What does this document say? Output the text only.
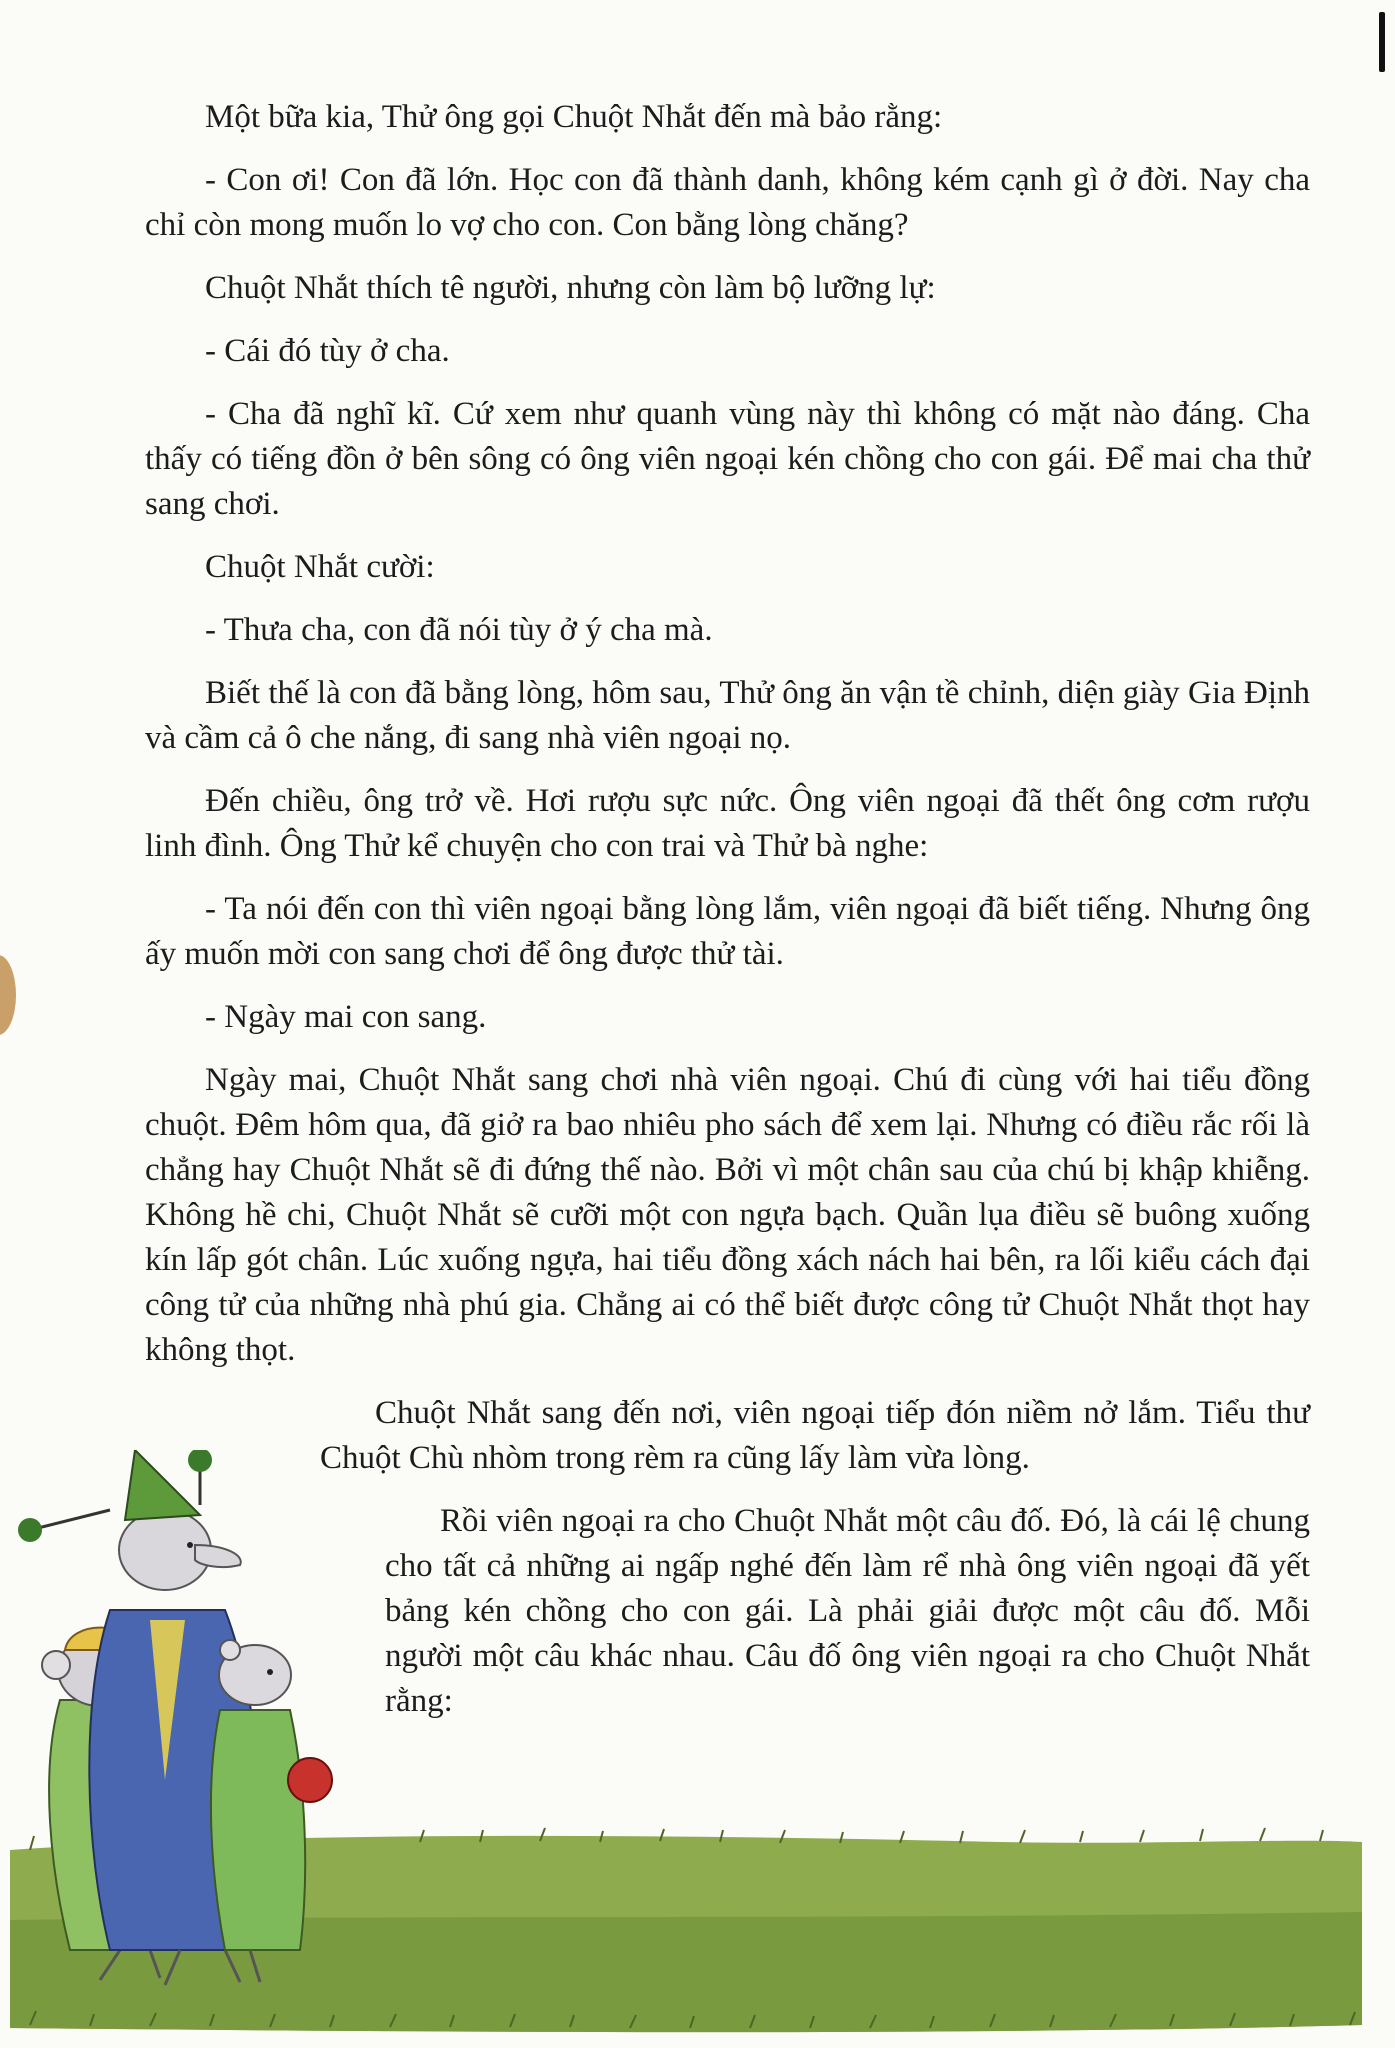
Một bữa kia, Thử ông gọi Chuột Nhắt đến mà bảo rằng:

- Con ơi! Con đã lớn. Học con đã thành danh, không kém cạnh gì ở đời. Nay cha chỉ còn mong muốn lo vợ cho con. Con bằng lòng chăng?

Chuột Nhắt thích tê người, nhưng còn làm bộ lưỡng lự:

- Cái đó tùy ở cha.

- Cha đã nghĩ kĩ. Cứ xem như quanh vùng này thì không có mặt nào đáng. Cha thấy có tiếng đồn ở bên sông có ông viên ngoại kén chồng cho con gái. Để mai cha thử sang chơi.

Chuột Nhắt cười:

- Thưa cha, con đã nói tùy ở ý cha mà.

Biết thế là con đã bằng lòng, hôm sau, Thử ông ăn vận tề chỉnh, diện giày Gia Định và cầm cả ô che nắng, đi sang nhà viên ngoại nọ.

Đến chiều, ông trở về. Hơi rượu sực nức. Ông viên ngoại đã thết ông cơm rượu linh đình. Ông Thử kể chuyện cho con trai và Thử bà nghe:

- Ta nói đến con thì viên ngoại bằng lòng lắm, viên ngoại đã biết tiếng. Nhưng ông ấy muốn mời con sang chơi để ông được thử tài.

- Ngày mai con sang.

Ngày mai, Chuột Nhắt sang chơi nhà viên ngoại. Chú đi cùng với hai tiểu đồng chuột. Đêm hôm qua, đã giở ra bao nhiêu pho sách để xem lại. Nhưng có điều rắc rối là chẳng hay Chuột Nhắt sẽ đi đứng thế nào. Bởi vì một chân sau của chú bị khập khiễng. Không hề chi, Chuột Nhắt sẽ cưỡi một con ngựa bạch. Quần lụa điều sẽ buông xuống kín lấp gót chân. Lúc xuống ngựa, hai tiểu đồng xách nách hai bên, ra lối kiểu cách đại công tử của những nhà phú gia. Chẳng ai có thể biết được công tử Chuột Nhắt thọt hay không thọt.

Chuột Nhắt sang đến nơi, viên ngoại tiếp đón niềm nở lắm. Tiểu thư Chuột Chù nhòm trong rèm ra cũng lấy làm vừa lòng.

Rồi viên ngoại ra cho Chuột Nhắt một câu đố. Đó, là cái lệ chung cho tất cả những ai ngấp nghé đến làm rể nhà ông viên ngoại đã yết bảng kén chồng cho con gái. Là phải giải được một câu đố. Mỗi người một câu khác nhau. Câu đố ông viên ngoại ra cho Chuột Nhắt rằng:
